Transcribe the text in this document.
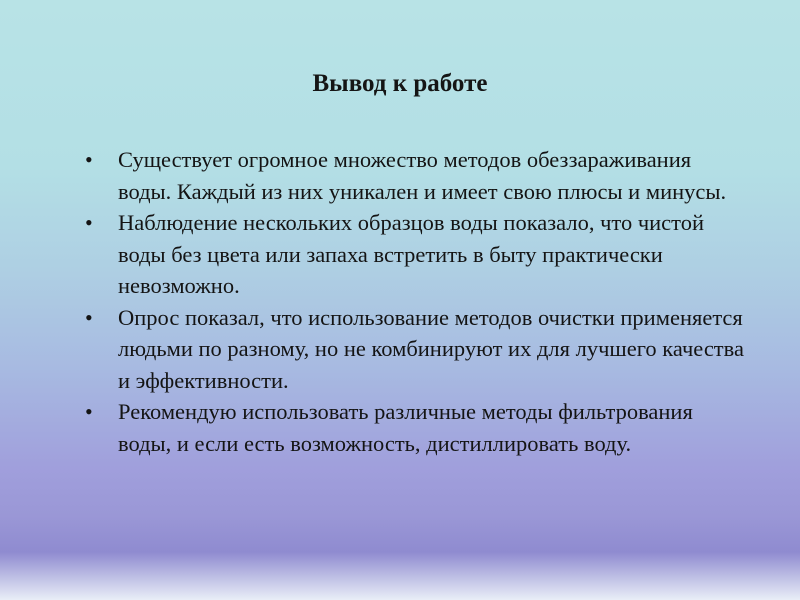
Вывод к работе
•	Существует огромное множество методов обеззараживания воды. Каждый из них уникален и имеет свою плюсы и минусы.
•	Наблюдение нескольких образцов воды показало, что чистой воды без цвета или запаха встретить в быту практически невозможно.
•	Опрос показал, что использование методов очистки применяется людьми по разному, но не комбинируют их для лучшего качества и эффективности.
•	Рекомендую использовать различные методы фильтрования воды, и если есть возможность, дистиллировать воду.
